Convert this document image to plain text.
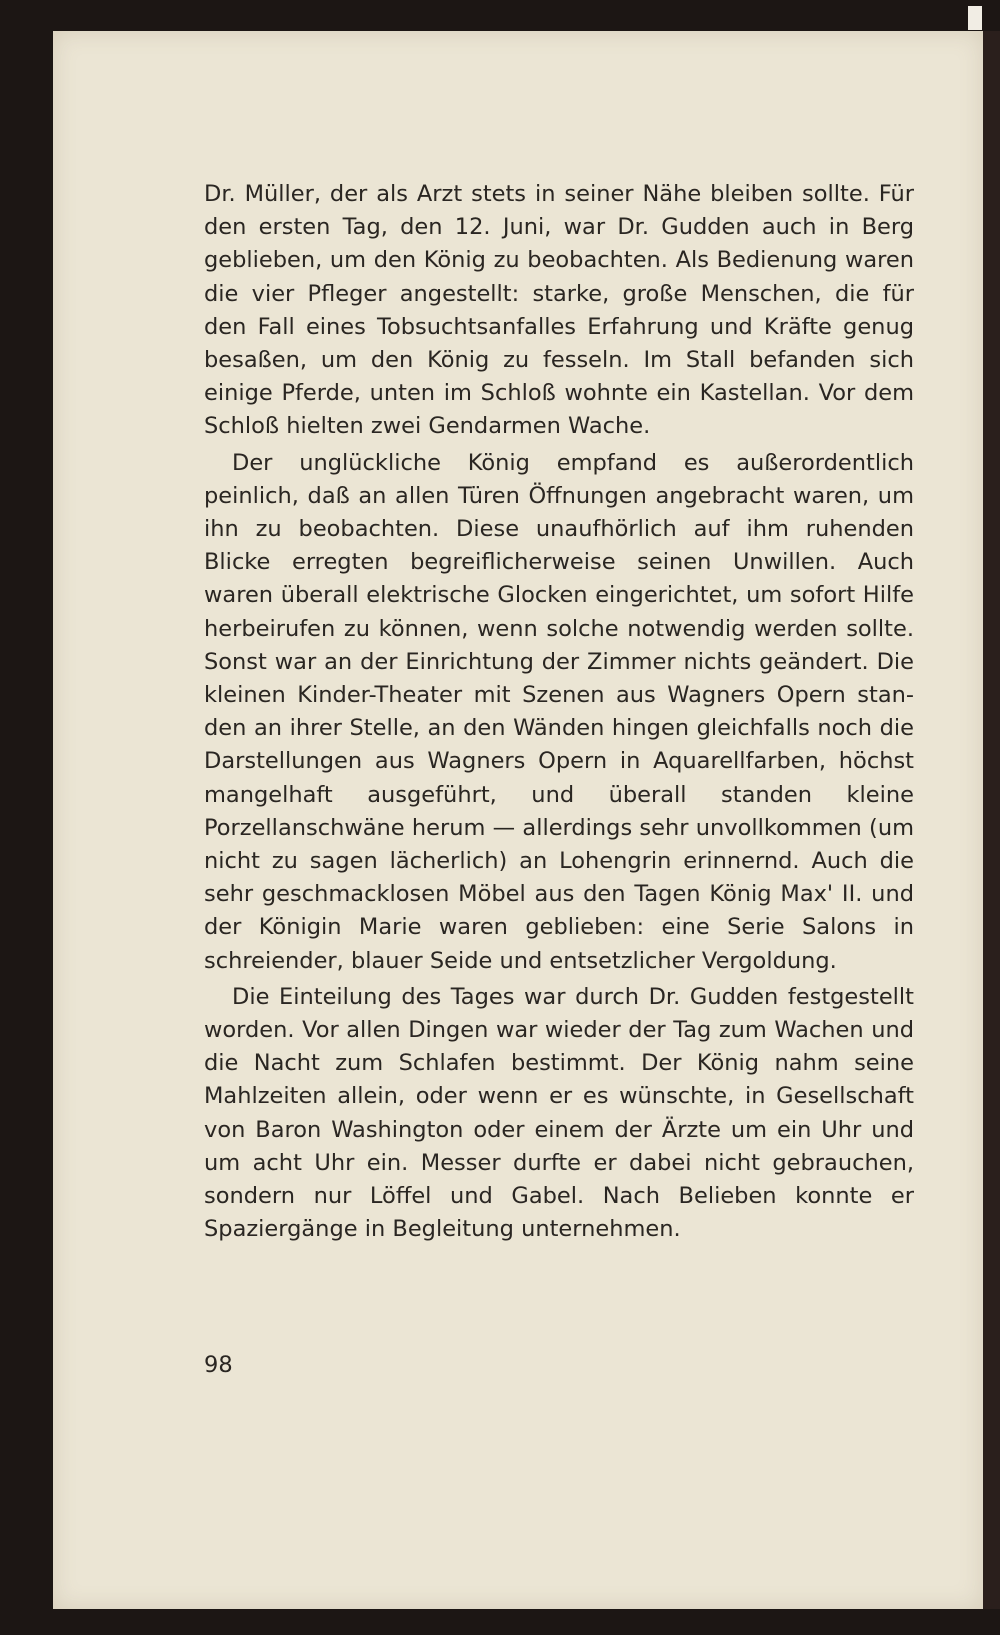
Dr. Müller, der als Arzt stets in seiner Nähe bleiben sollte. Für den ersten Tag, den 12. Juni, war Dr. Gudden auch in Berg geblieben, um den König zu beobachten. Als Bedienung waren die vier Pfleger angestellt: starke, große Menschen, die für den Fall eines Tobsuchtsanfalles Erfahrung und Kräfte genug besaßen, um den König zu fesseln. Im Stall befanden sich einige Pferde, unten im Schloß wohnte ein Kastellan. Vor dem Schloß hielten zwei Gendarmen Wache.

Der unglückliche König empfand es außerordentlich peinlich, daß an allen Türen Öffnungen angebracht waren, um ihn zu beobachten. Diese unaufhörlich auf ihm ruhenden Blicke erregten begreiflicherweise seinen Unwillen. Auch waren überall elektrische Glocken eingerichtet, um sofort Hilfe herbeirufen zu können, wenn solche notwendig werden sollte. Sonst war an der Einrichtung der Zimmer nichts geändert. Die kleinen Kinder-Theater mit Szenen aus Wagners Opern standen an ihrer Stelle, an den Wänden hingen gleichfalls noch die Darstellungen aus Wagners Opern in Aquarellfarben, höchst mangelhaft ausgeführt, und überall standen kleine Porzellanschwäne herum — allerdings sehr unvollkommen (um nicht zu sagen lächerlich) an Lohengrin erinnernd. Auch die sehr geschmacklosen Möbel aus den Tagen König Max' II. und der Königin Marie waren geblieben: eine Serie Salons in schreiender, blauer Seide und entsetzlicher Vergoldung.

Die Einteilung des Tages war durch Dr. Gudden festgestellt worden. Vor allen Dingen war wieder der Tag zum Wachen und die Nacht zum Schlafen bestimmt. Der König nahm seine Mahlzeiten allein, oder wenn er es wünschte, in Gesellschaft von Baron Washington oder einem der Ärzte um ein Uhr und um acht Uhr ein. Messer durfte er dabei nicht gebrauchen, sondern nur Löffel und Gabel. Nach Belieben konnte er Spaziergänge in Begleitung unternehmen.

98
